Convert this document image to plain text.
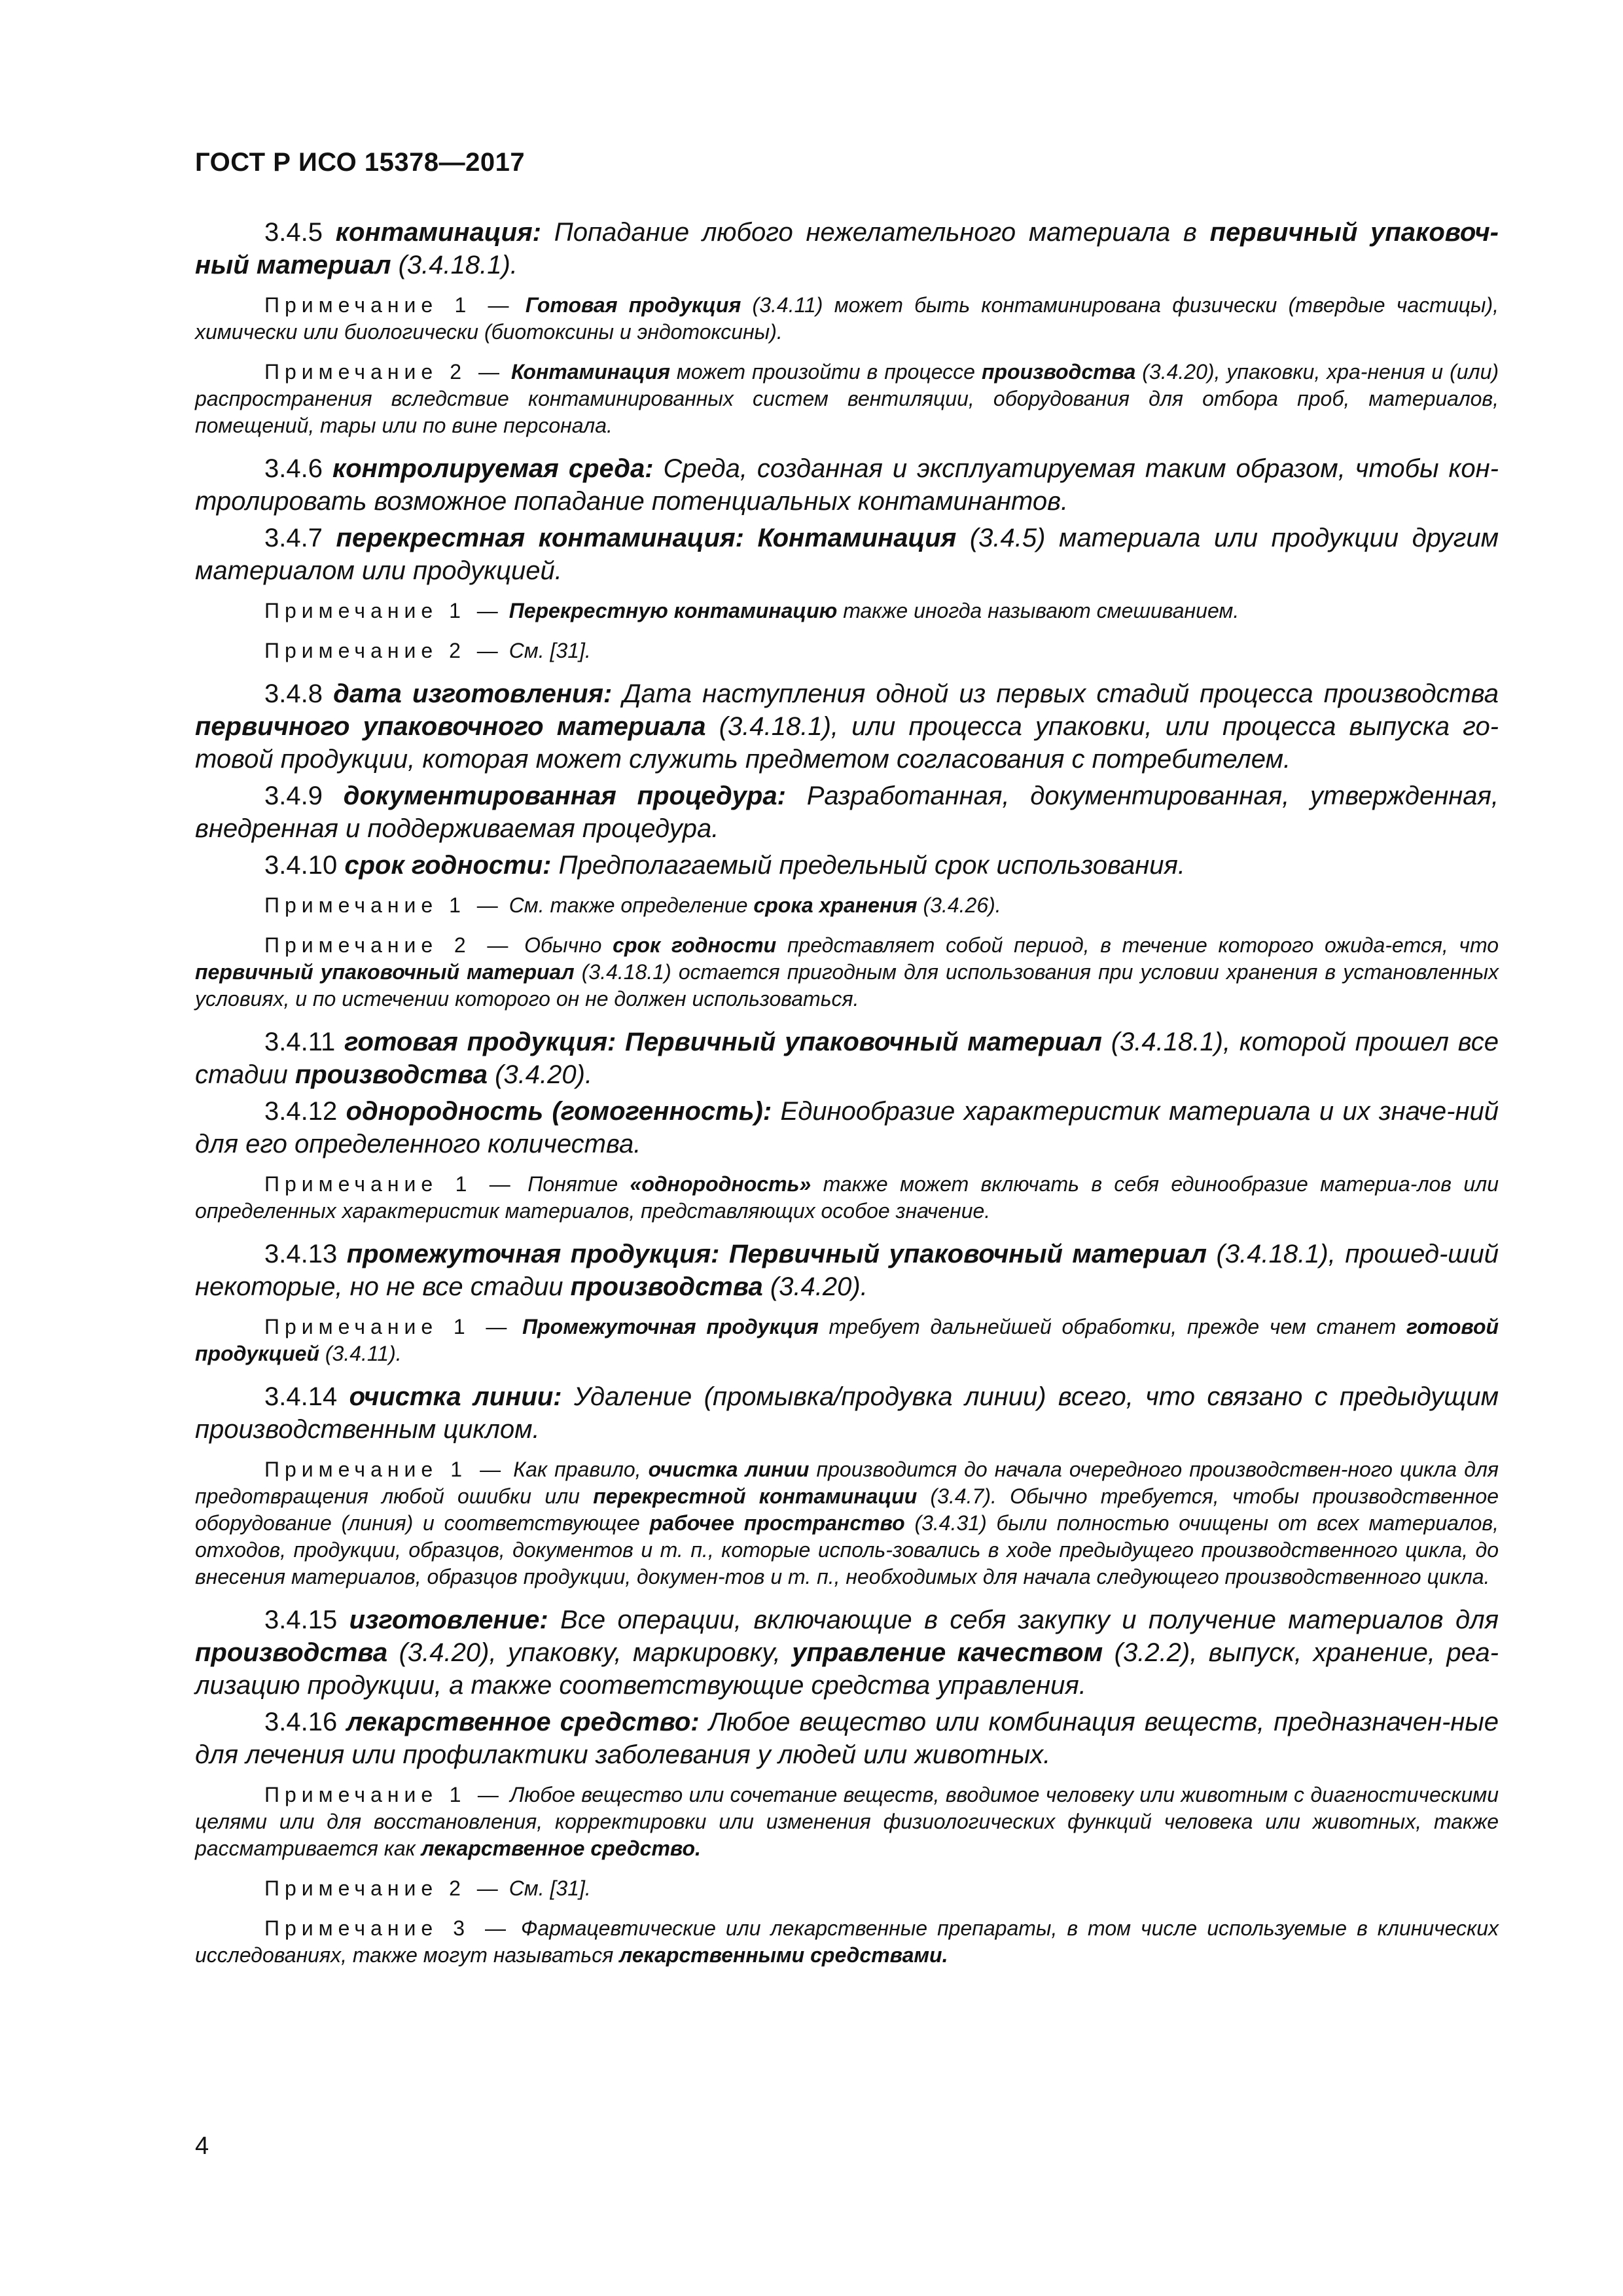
ГОСТ Р ИСО 15378—2017

3.4.5 контаминация: Попадание любого нежелательного материала в первичный упаковоч-ный материал (3.4.18.1).

Примечание 1 — Готовая продукция (3.4.11) может быть контаминирована физически (твердые частицы), химически или биологически (биотоксины и эндотоксины).

Примечание 2 — Контаминация может произойти в процессе производства (3.4.20), упаковки, хра-нения и (или) распространения вследствие контаминированных систем вентиляции, оборудования для отбора проб, материалов, помещений, тары или по вине персонала.

3.4.6 контролируемая среда: Среда, созданная и эксплуатируемая таким образом, чтобы кон-тролировать возможное попадание потенциальных контаминантов.

3.4.7 перекрестная контаминация: Контаминация (3.4.5) материала или продукции другим материалом или продукцией.

Примечание 1 — Перекрестную контаминацию также иногда называют смешиванием.

Примечание 2 — См. [31].

3.4.8 дата изготовления: Дата наступления одной из первых стадий процесса производства первичного упаковочного материала (3.4.18.1), или процесса упаковки, или процесса выпуска го-товой продукции, которая может служить предметом согласования с потребителем.

3.4.9 документированная процедура: Разработанная, документированная, утвержденная, внедренная и поддерживаемая процедура.

3.4.10 срок годности: Предполагаемый предельный срок использования.

Примечание 1 — См. также определение срока хранения (3.4.26).

Примечание 2 — Обычно срок годности представляет собой период, в течение которого ожида-ется, что первичный упаковочный материал (3.4.18.1) остается пригодным для использования при условии хранения в установленных условиях, и по истечении которого он не должен использоваться.

3.4.11 готовая продукция: Первичный упаковочный материал (3.4.18.1), которой прошел все стадии производства (3.4.20).

3.4.12 однородность (гомогенность): Единообразие характеристик материала и их значе-ний для его определенного количества.

Примечание 1 — Понятие «однородность» также может включать в себя единообразие материа-лов или определенных характеристик материалов, представляющих особое значение.

3.4.13 промежуточная продукция: Первичный упаковочный материал (3.4.18.1), прошед-ший некоторые, но не все стадии производства (3.4.20).

Примечание 1 — Промежуточная продукция требует дальнейшей обработки, прежде чем станет готовой продукцией (3.4.11).

3.4.14 очистка линии: Удаление (промывка/продувка линии) всего, что связано с предыдущим производственным циклом.

Примечание 1 — Как правило, очистка линии производится до начала очередного производствен-ного цикла для предотвращения любой ошибки или перекрестной контаминации (3.4.7). Обычно требуется, чтобы производственное оборудование (линия) и соответствующее рабочее пространство (3.4.31) были полностью очищены от всех материалов, отходов, продукции, образцов, документов и т. п., которые исполь-зовались в ходе предыдущего производственного цикла, до внесения материалов, образцов продукции, докумен-тов и т. п., необходимых для начала следующего производственного цикла.

3.4.15 изготовление: Все операции, включающие в себя закупку и получение материалов для производства (3.4.20), упаковку, маркировку, управление качеством (3.2.2), выпуск, хранение, реа-лизацию продукции, а также соответствующие средства управления.

3.4.16 лекарственное средство: Любое вещество или комбинация веществ, предназначен-ные для лечения или профилактики заболевания у людей или животных.

Примечание 1 — Любое вещество или сочетание веществ, вводимое человеку или животным с диагностическими целями или для восстановления, корректировки или изменения физиологических функций человека или животных, также рассматривается как лекарственное средство.

Примечание 2 — См. [31].

Примечание 3 — Фармацевтические или лекарственные препараты, в том числе используемые в клинических исследованиях, также могут называться лекарственными средствами.

4
